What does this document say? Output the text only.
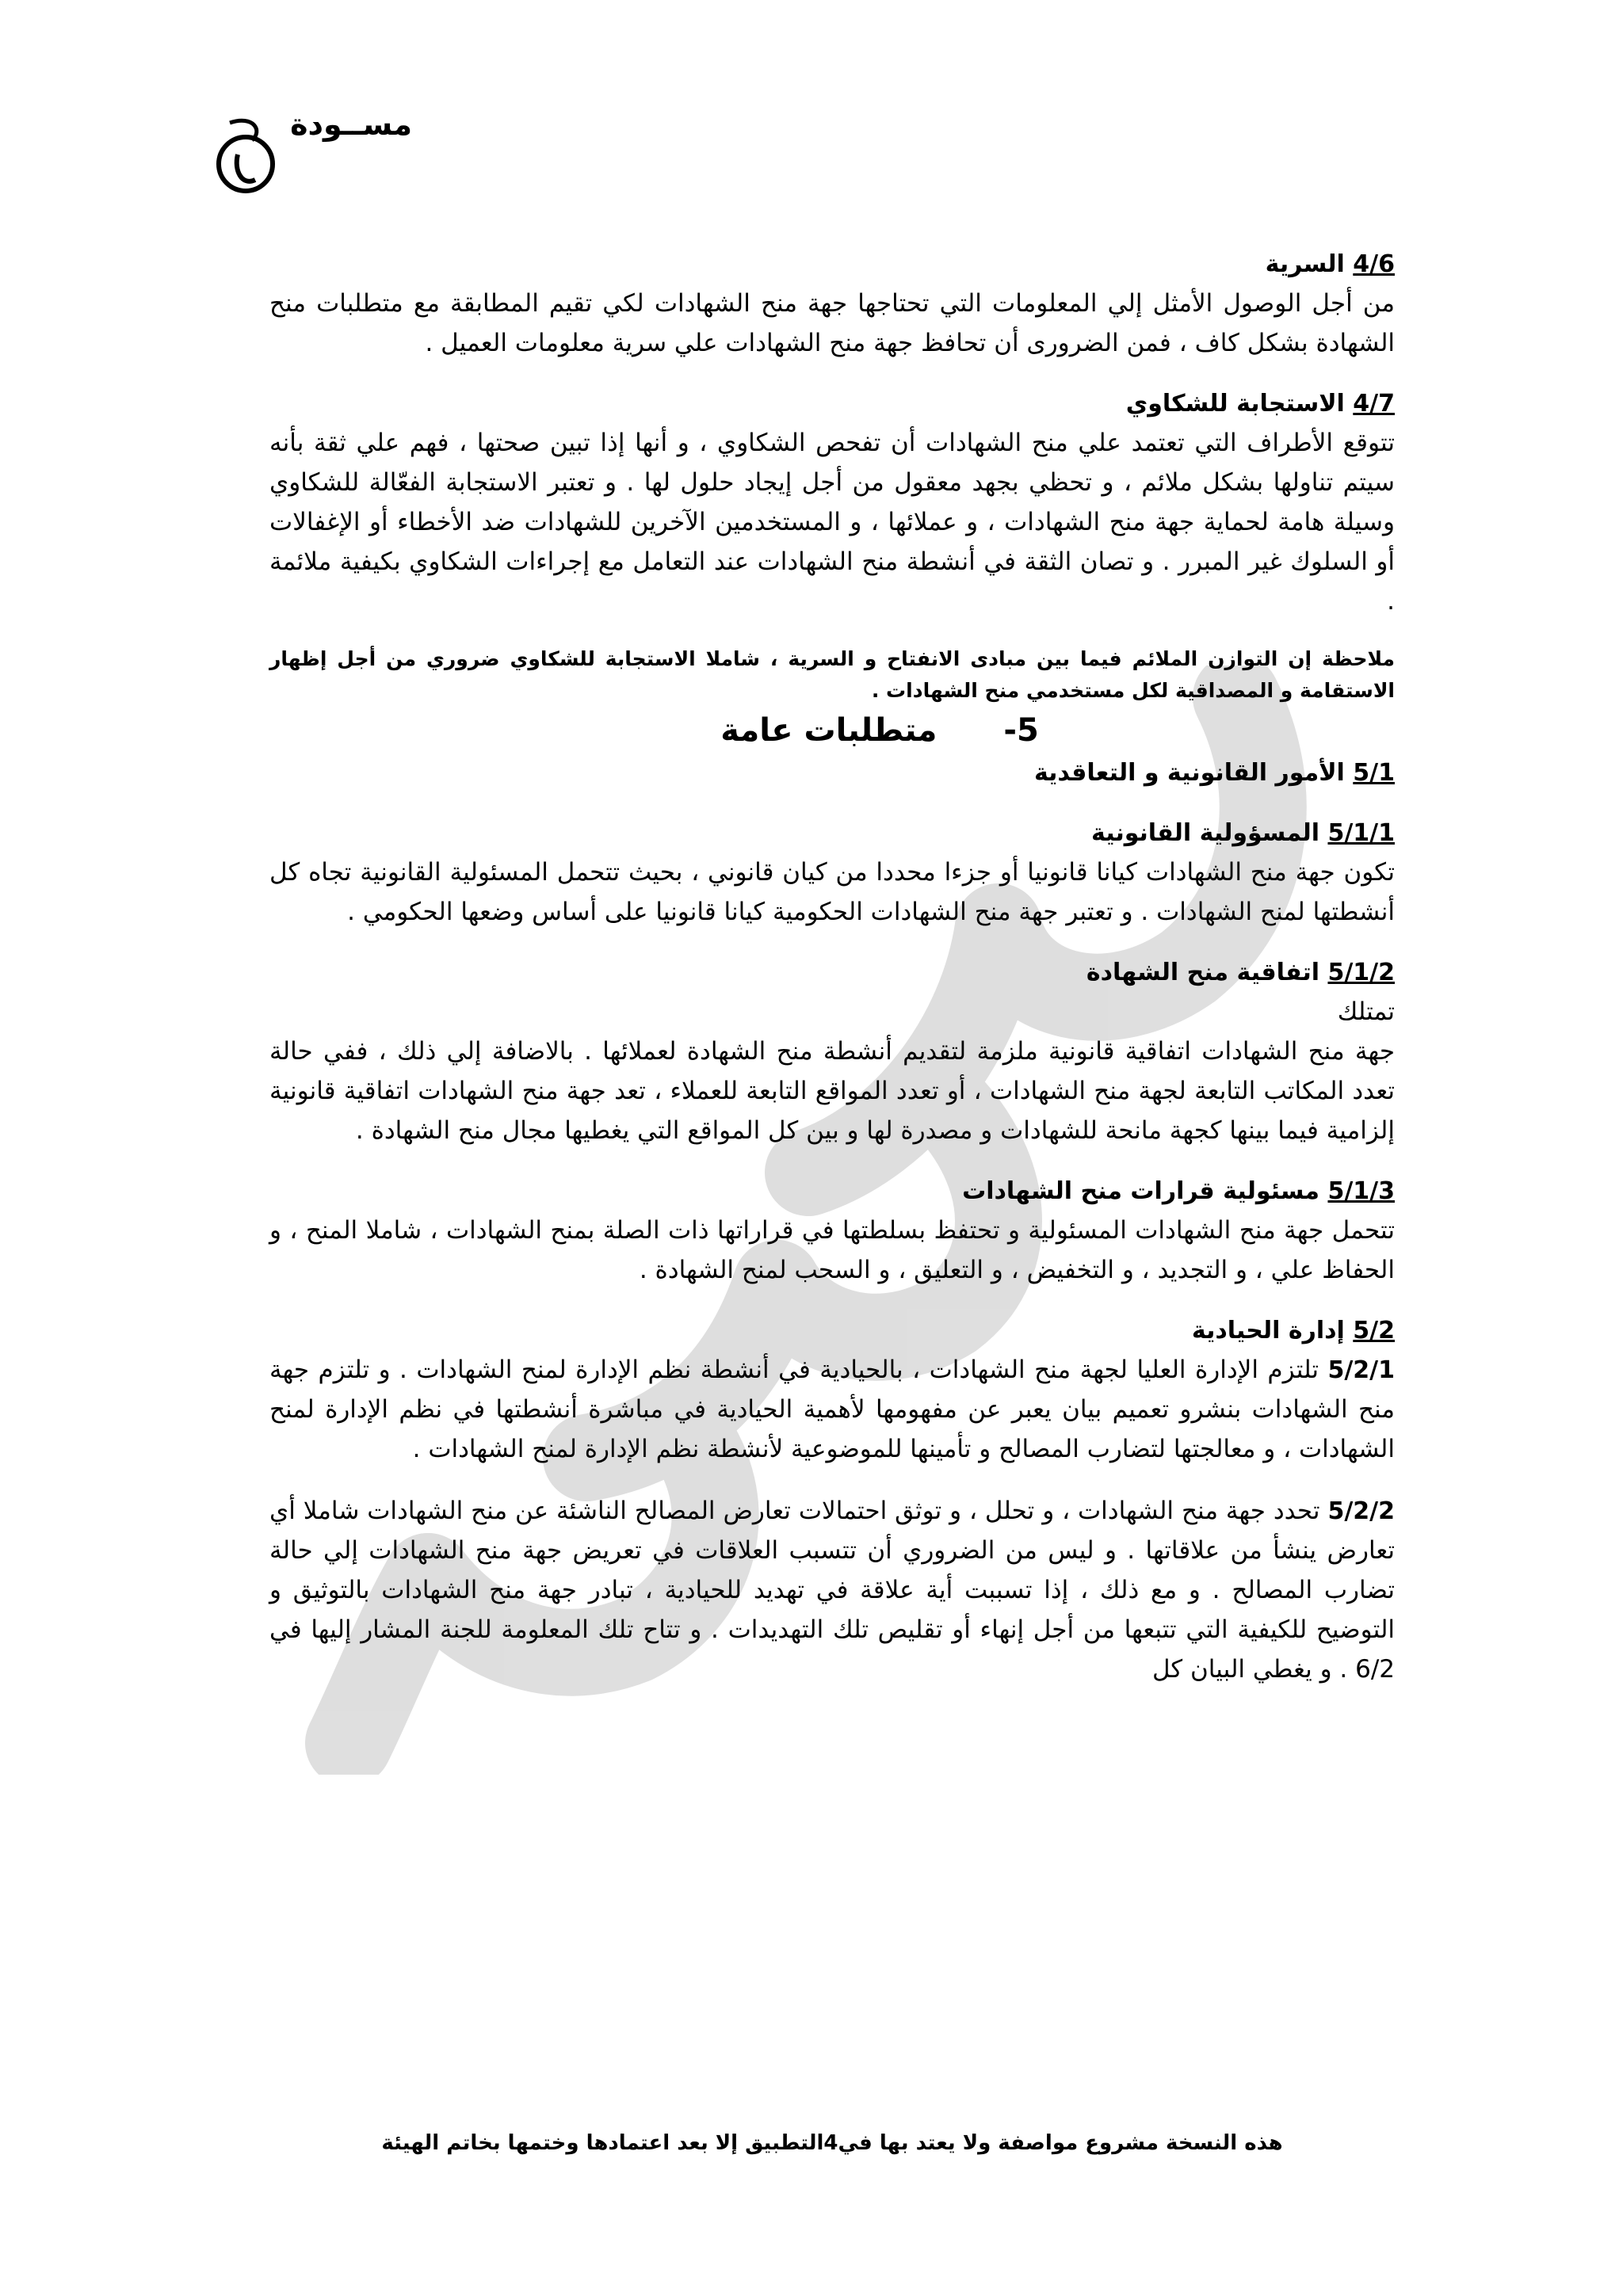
مســودة

4/6 السرية

من أجل الوصول الأمثل إلي المعلومات التي تحتاجها جهة منح الشهادات لكي تقيم المطابقة مع متطلبات منح الشهادة بشكل كاف ، فمن الضرورى أن تحافظ جهة منح الشهادات علي سرية معلومات العميل .

4/7 الاستجابة للشكاوي

تتوقع الأطراف التي تعتمد علي منح الشهادات أن تفحص الشكاوي ، و أنها إذا تبين صحتها ، فهم علي ثقة بأنه سيتم تناولها بشكل ملائم ، و تحظي بجهد معقول من أجل إيجاد حلول لها . و تعتبر الاستجابة الفعّالة للشكاوي وسيلة هامة لحماية جهة منح الشهادات ، و عملائها ، و المستخدمين الآخرين للشهادات ضد الأخطاء أو الإغفالات أو السلوك غير المبرر . و تصان الثقة في أنشطة منح الشهادات عند التعامل مع إجراءات الشكاوي بكيفية ملائمة .

ملاحظة إن التوازن الملائم فيما بين مبادى الانفتاح و السرية ، شاملا الاستجابة للشكاوي ضروري من أجل إظهار الاستقامة و المصداقية لكل مستخدمي منح الشهادات .

5- متطلبات عامة

5/1 الأمور القانونية و التعاقدية

5/1/1 المسؤولية القانونية

تكون جهة منح الشهادات كيانا قانونيا أو جزءا محددا من كيان قانوني ، بحيث تتحمل المسئولية القانونية تجاه كل أنشطتها لمنح الشهادات . و تعتبر جهة منح الشهادات الحكومية كيانا قانونيا على أساس وضعها الحكومي .

5/1/2 اتفاقية منح الشهادة

تمتلك

جهة منح الشهادات اتفاقية قانونية ملزمة لتقديم أنشطة منح الشهادة لعملائها . بالاضافة إلي ذلك ، ففي حالة تعدد المكاتب التابعة لجهة منح الشهادات ، أو تعدد المواقع التابعة للعملاء ، تعد جهة منح الشهادات اتفاقية قانونية إلزامية فيما بينها كجهة مانحة للشهادات و مصدرة لها و بين كل المواقع التي يغطيها مجال منح الشهادة .

5/1/3 مسئولية قرارات منح الشهادات

تتحمل جهة منح الشهادات المسئولية و تحتفظ بسلطتها في قراراتها ذات الصلة بمنح الشهادات ، شاملا المنح ، و الحفاظ علي ، و التجديد ، و التخفيض ، و التعليق ، و السحب لمنح الشهادة .

5/2 إدارة الحيادية

5/2/1 تلتزم الإدارة العليا لجهة منح الشهادات ، بالحيادية في أنشطة نظم الإدارة لمنح الشهادات . و تلتزم جهة منح الشهادات بنشرو تعميم بيان يعبر عن مفهومها لأهمية الحيادية في مباشرة أنشطتها في نظم الإدارة لمنح الشهادات ، و معالجتها لتضارب المصالح و تأمينها للموضوعية لأنشطة نظم الإدارة لمنح الشهادات .

5/2/2 تحدد جهة منح الشهادات ، و تحلل ، و توثق احتمالات تعارض المصالح الناشئة عن منح الشهادات شاملا أي تعارض ينشأ من علاقاتها . و ليس من الضروري أن تتسبب العلاقات في تعريض جهة منح الشهادات إلي حالة تضارب المصالح . و مع ذلك ، إذا تسببت أية علاقة في تهديد للحيادية ، تبادر جهة منح الشهادات بالتوثيق و التوضيح للكيفية التي تتبعها من أجل إنهاء أو تقليص تلك التهديدات . و تتاح تلك المعلومة للجنة المشار إليها في 6/2 . و يغطي البيان كل

هذه النسخة مشروع مواصفة ولا يعتد بها في4التطبيق إلا بعد اعتمادها وختمها بخاتم الهيئة
